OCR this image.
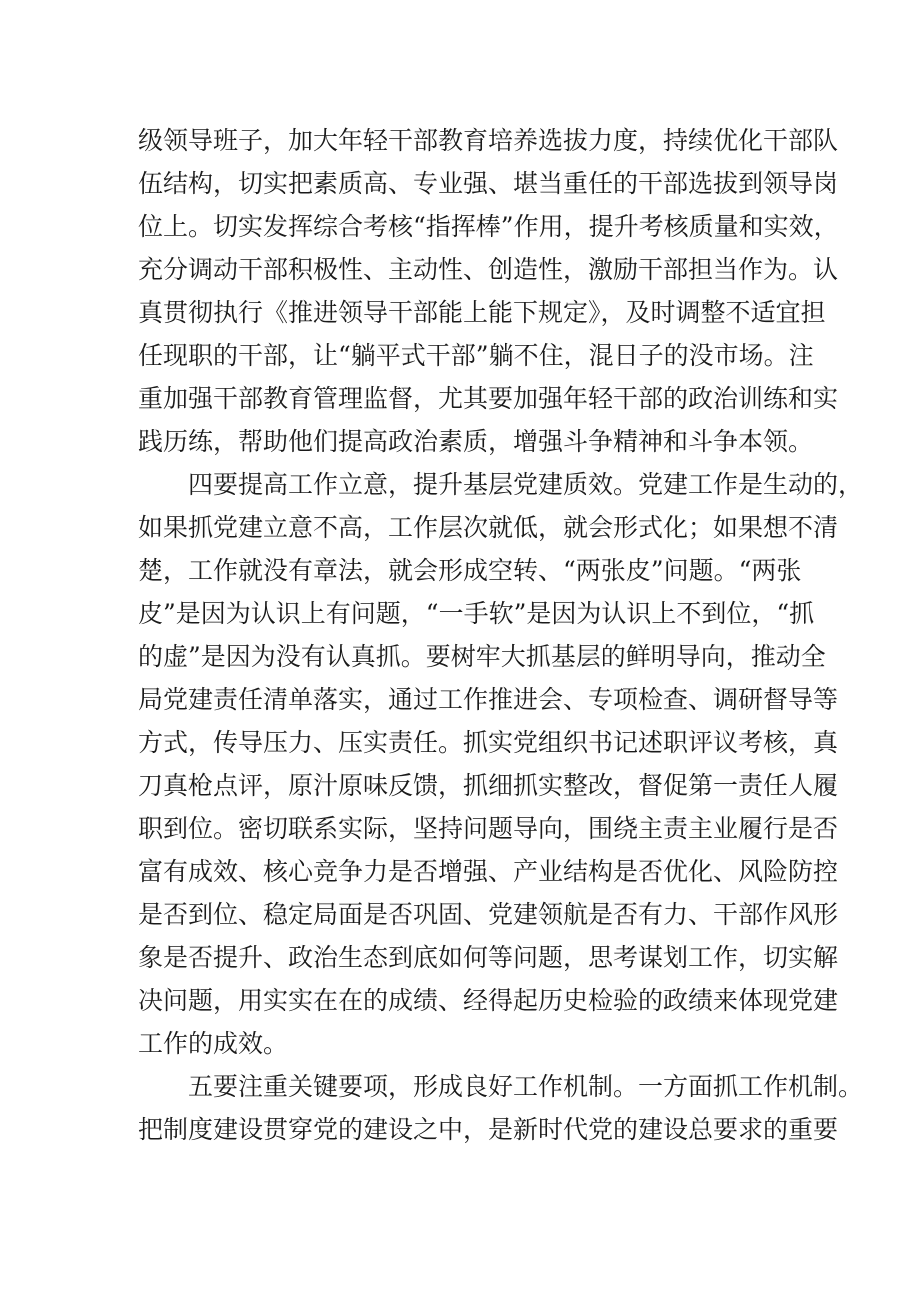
级领导班子，加大年轻干部教育培养选拔力度，持续优化干部队
伍结构，切实把素质高、专业强、堪当重任的干部选拔到领导岗
位上。切实发挥综合考核“指挥棒”作用，提升考核质量和实效，
充分调动干部积极性、主动性、创造性，激励干部担当作为。认
真贯彻执行《推进领导干部能上能下规定》，及时调整不适宜担
任现职的干部，让“躺平式干部”躺不住，混日子的没市场。注
重加强干部教育管理监督，尤其要加强年轻干部的政治训练和实
践历练，帮助他们提高政治素质，增强斗争精神和斗争本领。
四要提高工作立意，提升基层党建质效。党建工作是生动的，
如果抓党建立意不高，工作层次就低，就会形式化；如果想不清
楚，工作就没有章法，就会形成空转、“两张皮”问题。“两张
皮”是因为认识上有问题，“一手软”是因为认识上不到位，“抓
的虚”是因为没有认真抓。要树牢大抓基层的鲜明导向，推动全
局党建责任清单落实，通过工作推进会、专项检查、调研督导等
方式，传导压力、压实责任。抓实党组织书记述职评议考核，真
刀真枪点评，原汁原味反馈，抓细抓实整改，督促第一责任人履
职到位。密切联系实际，坚持问题导向，围绕主责主业履行是否
富有成效、核心竞争力是否增强、产业结构是否优化、风险防控
是否到位、稳定局面是否巩固、党建领航是否有力、干部作风形
象是否提升、政治生态到底如何等问题，思考谋划工作，切实解
决问题，用实实在在的成绩、经得起历史检验的政绩来体现党建
工作的成效。
五要注重关键要项，形成良好工作机制。一方面抓工作机制。
把制度建设贯穿党的建设之中，是新时代党的建设总要求的重要
